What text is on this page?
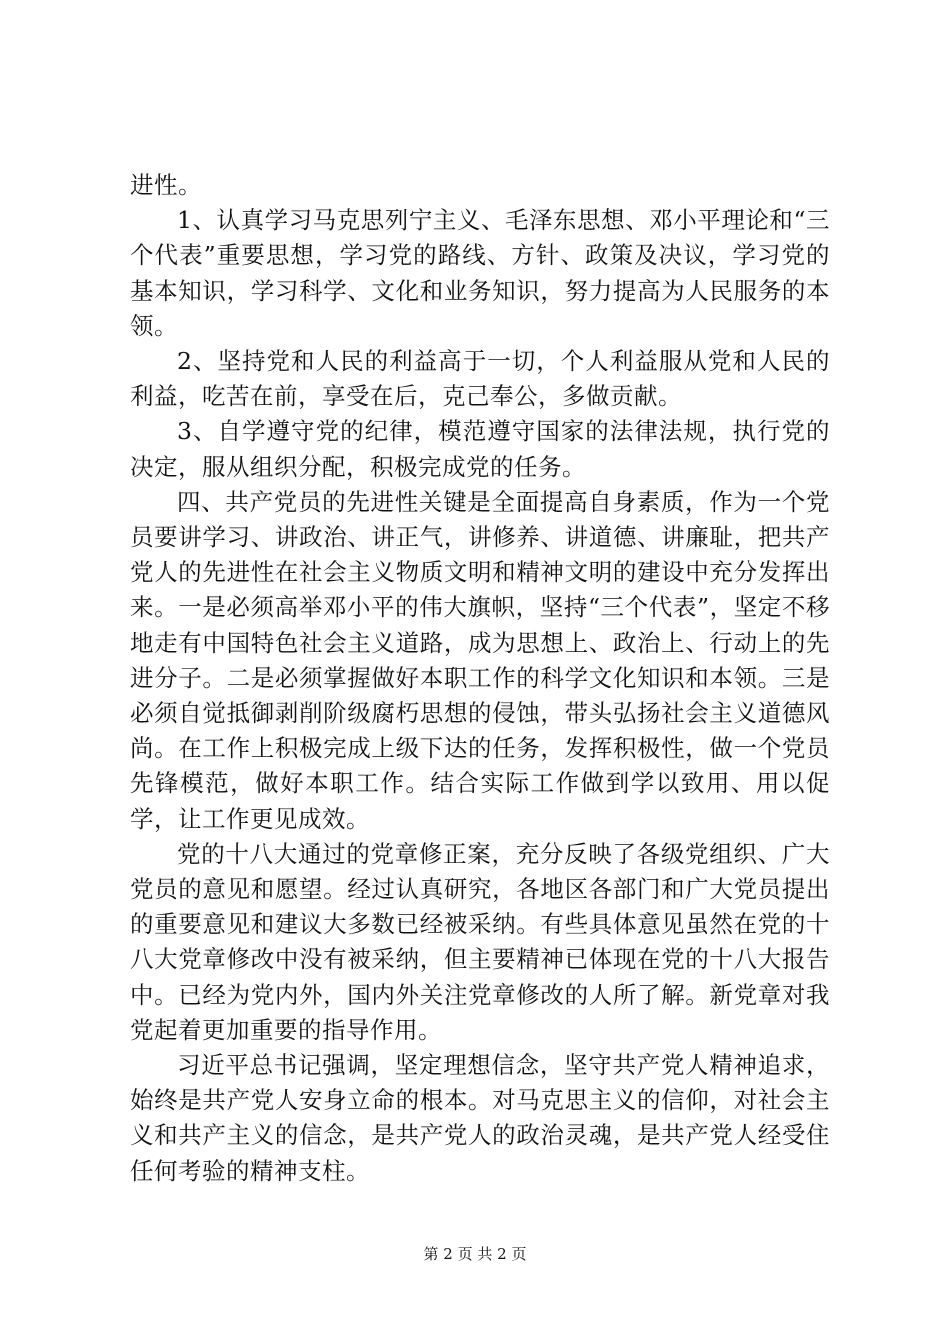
进性。

1、认真学习马克思列宁主义、毛泽东思想、邓小平理论和“三个代表”重要思想，学习党的路线、方针、政策及决议，学习党的基本知识，学习科学、文化和业务知识，努力提高为人民服务的本领。

2、坚持党和人民的利益高于一切，个人利益服从党和人民的利益，吃苦在前，享受在后，克己奉公，多做贡献。

3、自学遵守党的纪律，模范遵守国家的法律法规，执行党的决定，服从组织分配，积极完成党的任务。

四、共产党员的先进性关键是全面提高自身素质，作为一个党员要讲学习、讲政治、讲正气，讲修养、讲道德、讲廉耻，把共产党人的先进性在社会主义物质文明和精神文明的建设中充分发挥出来。一是必须高举邓小平的伟大旗帜，坚持“三个代表”，坚定不移地走有中国特色社会主义道路，成为思想上、政治上、行动上的先进分子。二是必须掌握做好本职工作的科学文化知识和本领。三是必须自觉抵御剥削阶级腐朽思想的侵蚀，带头弘扬社会主义道德风尚。在工作上积极完成上级下达的任务，发挥积极性，做一个党员先锋模范，做好本职工作。结合实际工作做到学以致用、用以促学，让工作更见成效。

党的十八大通过的党章修正案，充分反映了各级党组织、广大党员的意见和愿望。经过认真研究，各地区各部门和广大党员提出的重要意见和建议大多数已经被采纳。有些具体意见虽然在党的十八大党章修改中没有被采纳，但主要精神已体现在党的十八大报告中。已经为党内外，国内外关注党章修改的人所了解。新党章对我党起着更加重要的指导作用。

习近平总书记强调，坚定理想信念，坚守共产党人精神追求，始终是共产党人安身立命的根本。对马克思主义的信仰，对社会主义和共产主义的信念，是共产党人的政治灵魂，是共产党人经受住任何考验的精神支柱。

第 2 页 共 2 页
